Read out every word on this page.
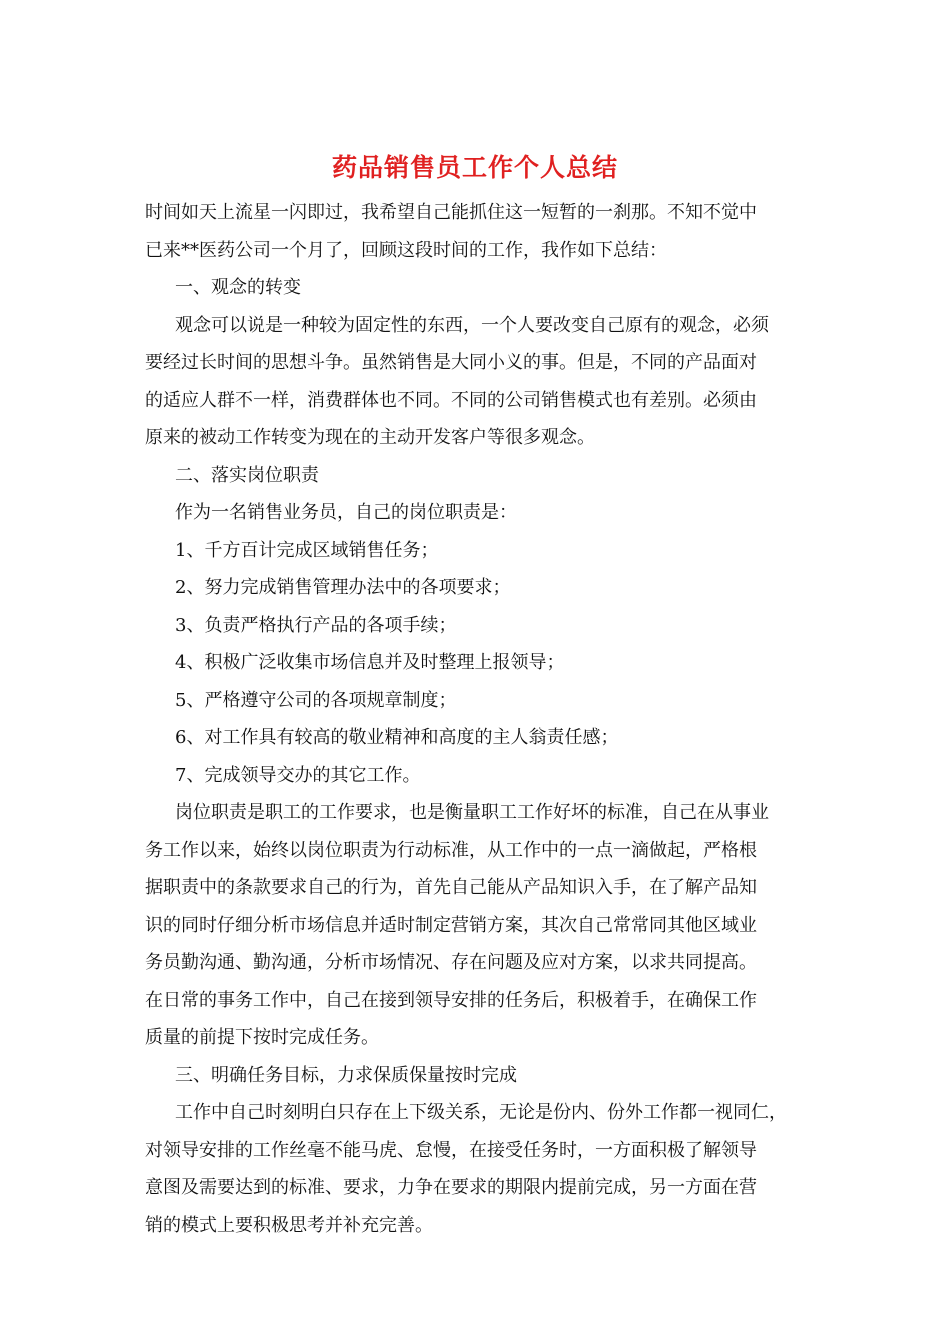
药品销售员工作个人总结
时间如天上流星一闪即过，我希望自己能抓住这一短暂的一刹那。不知不觉中
已来**医药公司一个月了，回顾这段时间的工作，我作如下总结：
一、观念的转变
观念可以说是一种较为固定性的东西，一个人要改变自己原有的观念，必须
要经过长时间的思想斗争。虽然销售是大同小义的事。但是，不同的产品面对
的适应人群不一样，消费群体也不同。不同的公司销售模式也有差别。必须由
原来的被动工作转变为现在的主动开发客户等很多观念。
二、落实岗位职责
作为一名销售业务员，自己的岗位职责是：
1、千方百计完成区域销售任务；
2、努力完成销售管理办法中的各项要求；
3、负责严格执行产品的各项手续；
4、积极广泛收集市场信息并及时整理上报领导；
5、严格遵守公司的各项规章制度；
6、对工作具有较高的敬业精神和高度的主人翁责任感；
7、完成领导交办的其它工作。
岗位职责是职工的工作要求，也是衡量职工工作好坏的标准，自己在从事业
务工作以来，始终以岗位职责为行动标准，从工作中的一点一滴做起，严格根
据职责中的条款要求自己的行为，首先自己能从产品知识入手，在了解产品知
识的同时仔细分析市场信息并适时制定营销方案，其次自己常常同其他区域业
务员勤沟通、勤沟通，分析市场情况、存在问题及应对方案，以求共同提高。
在日常的事务工作中，自己在接到领导安排的任务后，积极着手，在确保工作
质量的前提下按时完成任务。
三、明确任务目标，力求保质保量按时完成
工作中自己时刻明白只存在上下级关系，无论是份内、份外工作都一视同仁，
对领导安排的工作丝毫不能马虎、怠慢，在接受任务时，一方面积极了解领导
意图及需要达到的标准、要求，力争在要求的期限内提前完成，另一方面在营
销的模式上要积极思考并补充完善。
